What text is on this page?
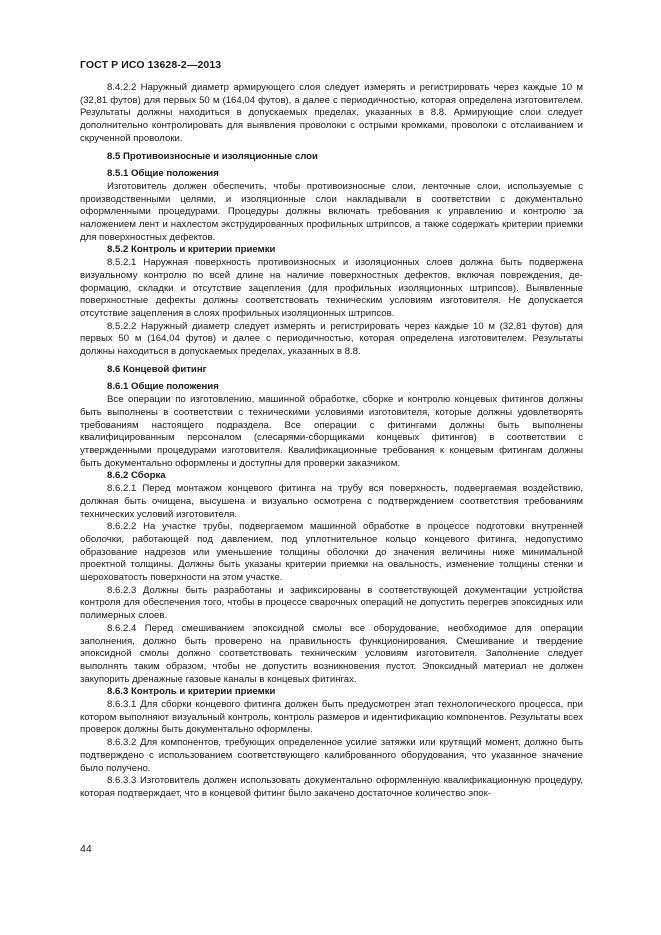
ГОСТ Р ИСО 13628-2—2013

8.4.2.2 Наружный диаметр армирующего слоя следует измерять и регистрировать через каждые 10 м (32,81 футов) для первых 50 м (164,04 футов), а далее с периодичностью, которая определена изготовителем. Результаты должны находиться в допускаемых пределах, указанных в 8.8. Армирующие слои следует дополнительно контролировать для выявления проволоки с острыми кромками, проволоки с отслаиванием и скрученной проволоки.

8.5 Противоизносные и изоляционные слои
8.5.1 Общие положения

Изготовитель должен обеспечить, чтобы противоизносные слои, ленточные слои, используемые с производственными целями, и изоляционные слои накладывали в соответствии с документально оформленными процедурами. Процедуры должны включать требования к управлению и контролю за наложением лент и нахлестом экструдированных профильных штрипсов, а также содержать критерии приемки для поверхностных дефектов.

8.5.2 Контроль и критерии приемки

8.5.2.1 Наружная поверхность противоизносных и изоляционных слоев должна быть подвержена визуальному контролю по всей длине на наличие поверхностных дефектов, включая повреждения, деформацию, складки и отсутствие зацепления (для профильных изоляционных штрипсов). Выявленные поверхностные дефекты должны соответствовать техническим условиям изготовителя. Не допускается отсутствие зацепления в слоях профильных изоляционных штрипсов.

8.5.2.2 Наружный диаметр следует измерять и регистрировать через каждые 10 м (32,81 футов) для первых 50 м (164,04 футов) и далее с периодичностью, которая определена изготовителем. Результаты должны находиться в допускаемых пределах, указанных в 8.8.

8.6 Концевой фитинг
8.6.1 Общие положения

Все операции по изготовлению, машинной обработке, сборке и контролю концевых фитингов должны быть выполнены в соответствии с техническими условиями изготовителя, которые должны удовлетворять требованиям настоящего подраздела. Все операции с фитингами должны быть выполнены квалифицированным персоналом (слесарями-сборщиками концевых фитингов) в соответствии с утвержденными процедурами изготовителя. Квалификационные требования к концевым фитингам должны быть документально оформлены и доступны для проверки заказчиком.

8.6.2 Сборка

8.6.2.1 Перед монтажом концевого фитинга на трубу вся поверхность, подвергаемая воздействию, должная быть очищена, высушена и визуально осмотрена с подтверждением соответствия требованиям технических условий изготовителя.

8.6.2.2 На участке трубы, подвергаемом машинной обработке в процессе подготовки внутренней оболочки, работающей под давлением, под уплотнительное кольцо концевого фитинга, недопустимо образование надрезов или уменьшение толщины оболочки до значения величины ниже минимальной проектной толщины. Должны быть указаны критерии приемки на овальность, изменение толщины стенки и шероховатость поверхности на этом участке.

8.6.2.3 Должны быть разработаны и зафиксированы в соответствующей документации устройства контроля для обеспечения того, чтобы в процессе сварочных операций не допустить перегрев эпоксидных или полимерных слоев.

8.6.2.4 Перед смешиванием эпоксидной смолы все оборудование, необходимое для операции заполнения, должно быть проверено на правильность функционирования. Смешивание и твердение эпоксидной смолы должно соответствовать техническим условиям изготовителя. Заполнение следует выполнять таким образом, чтобы не допустить возникновения пустот. Эпоксидный материал не должен закупорить дренажные газовые каналы в концевых фитингах.

8.6.3 Контроль и критерии приемки

8.6.3.1 Для сборки концевого фитинга должен быть предусмотрен этап технологического процесса, при котором выполняют визуальный контроль, контроль размеров и идентификацию компонентов. Результаты всех проверок должны быть документально оформлены.

8.6.3.2 Для компонентов, требующих определенное усилие затяжки или крутящий момент, должно быть подтверждено с использованием соответствующего калиброванного оборудования, что указанное значение было получено.

8.6.3.3 Изготовитель должен использовать документально оформленную квалификационную процедуру, которая подтверждает, что в концевой фитинг было закачено достаточное количество эпок-

44
